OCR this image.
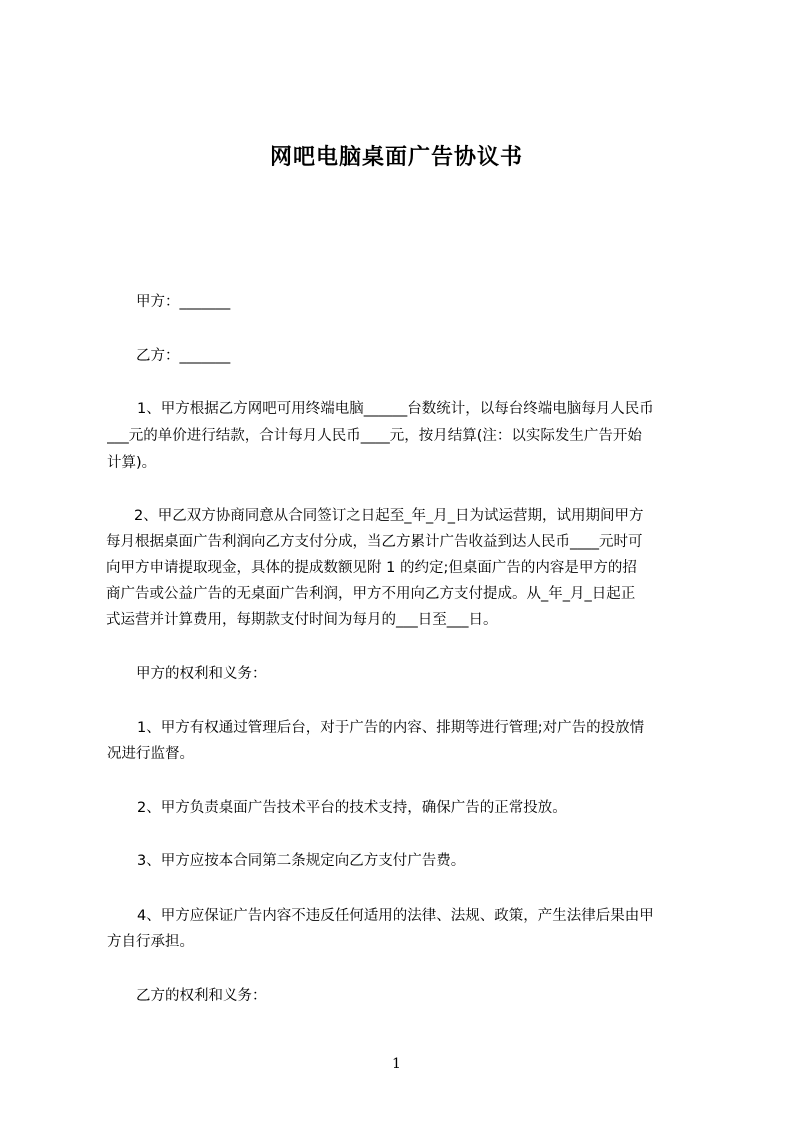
网吧电脑桌面广告协议书
甲方：_______
乙方：_______
1、甲方根据乙方网吧可用终端电脑______台数统计，以每台终端电脑每月人民币
___元的单价进行结款，合计每月人民币____元，按月结算(注：以实际发生广告开始
计算)。
2、甲乙双方协商同意从合同签订之日起至_年_月_日为试运营期，试用期间甲方
每月根据桌面广告利润向乙方支付分成，当乙方累计广告收益到达人民币____元时可
向甲方申请提取现金，具体的提成数额见附 1 的约定;但桌面广告的内容是甲方的招
商广告或公益广告的无桌面广告利润，甲方不用向乙方支付提成。从_年_月_日起正
式运营并计算费用，每期款支付时间为每月的___日至___日。
甲方的权利和义务：
1、甲方有权通过管理后台，对于广告的内容、排期等进行管理;对广告的投放情
况进行监督。
2、甲方负责桌面广告技术平台的技术支持，确保广告的正常投放。
3、甲方应按本合同第二条规定向乙方支付广告费。
4、甲方应保证广告内容不违反任何适用的法律、法规、政策，产生法律后果由甲
方自行承担。
乙方的权利和义务：
1
